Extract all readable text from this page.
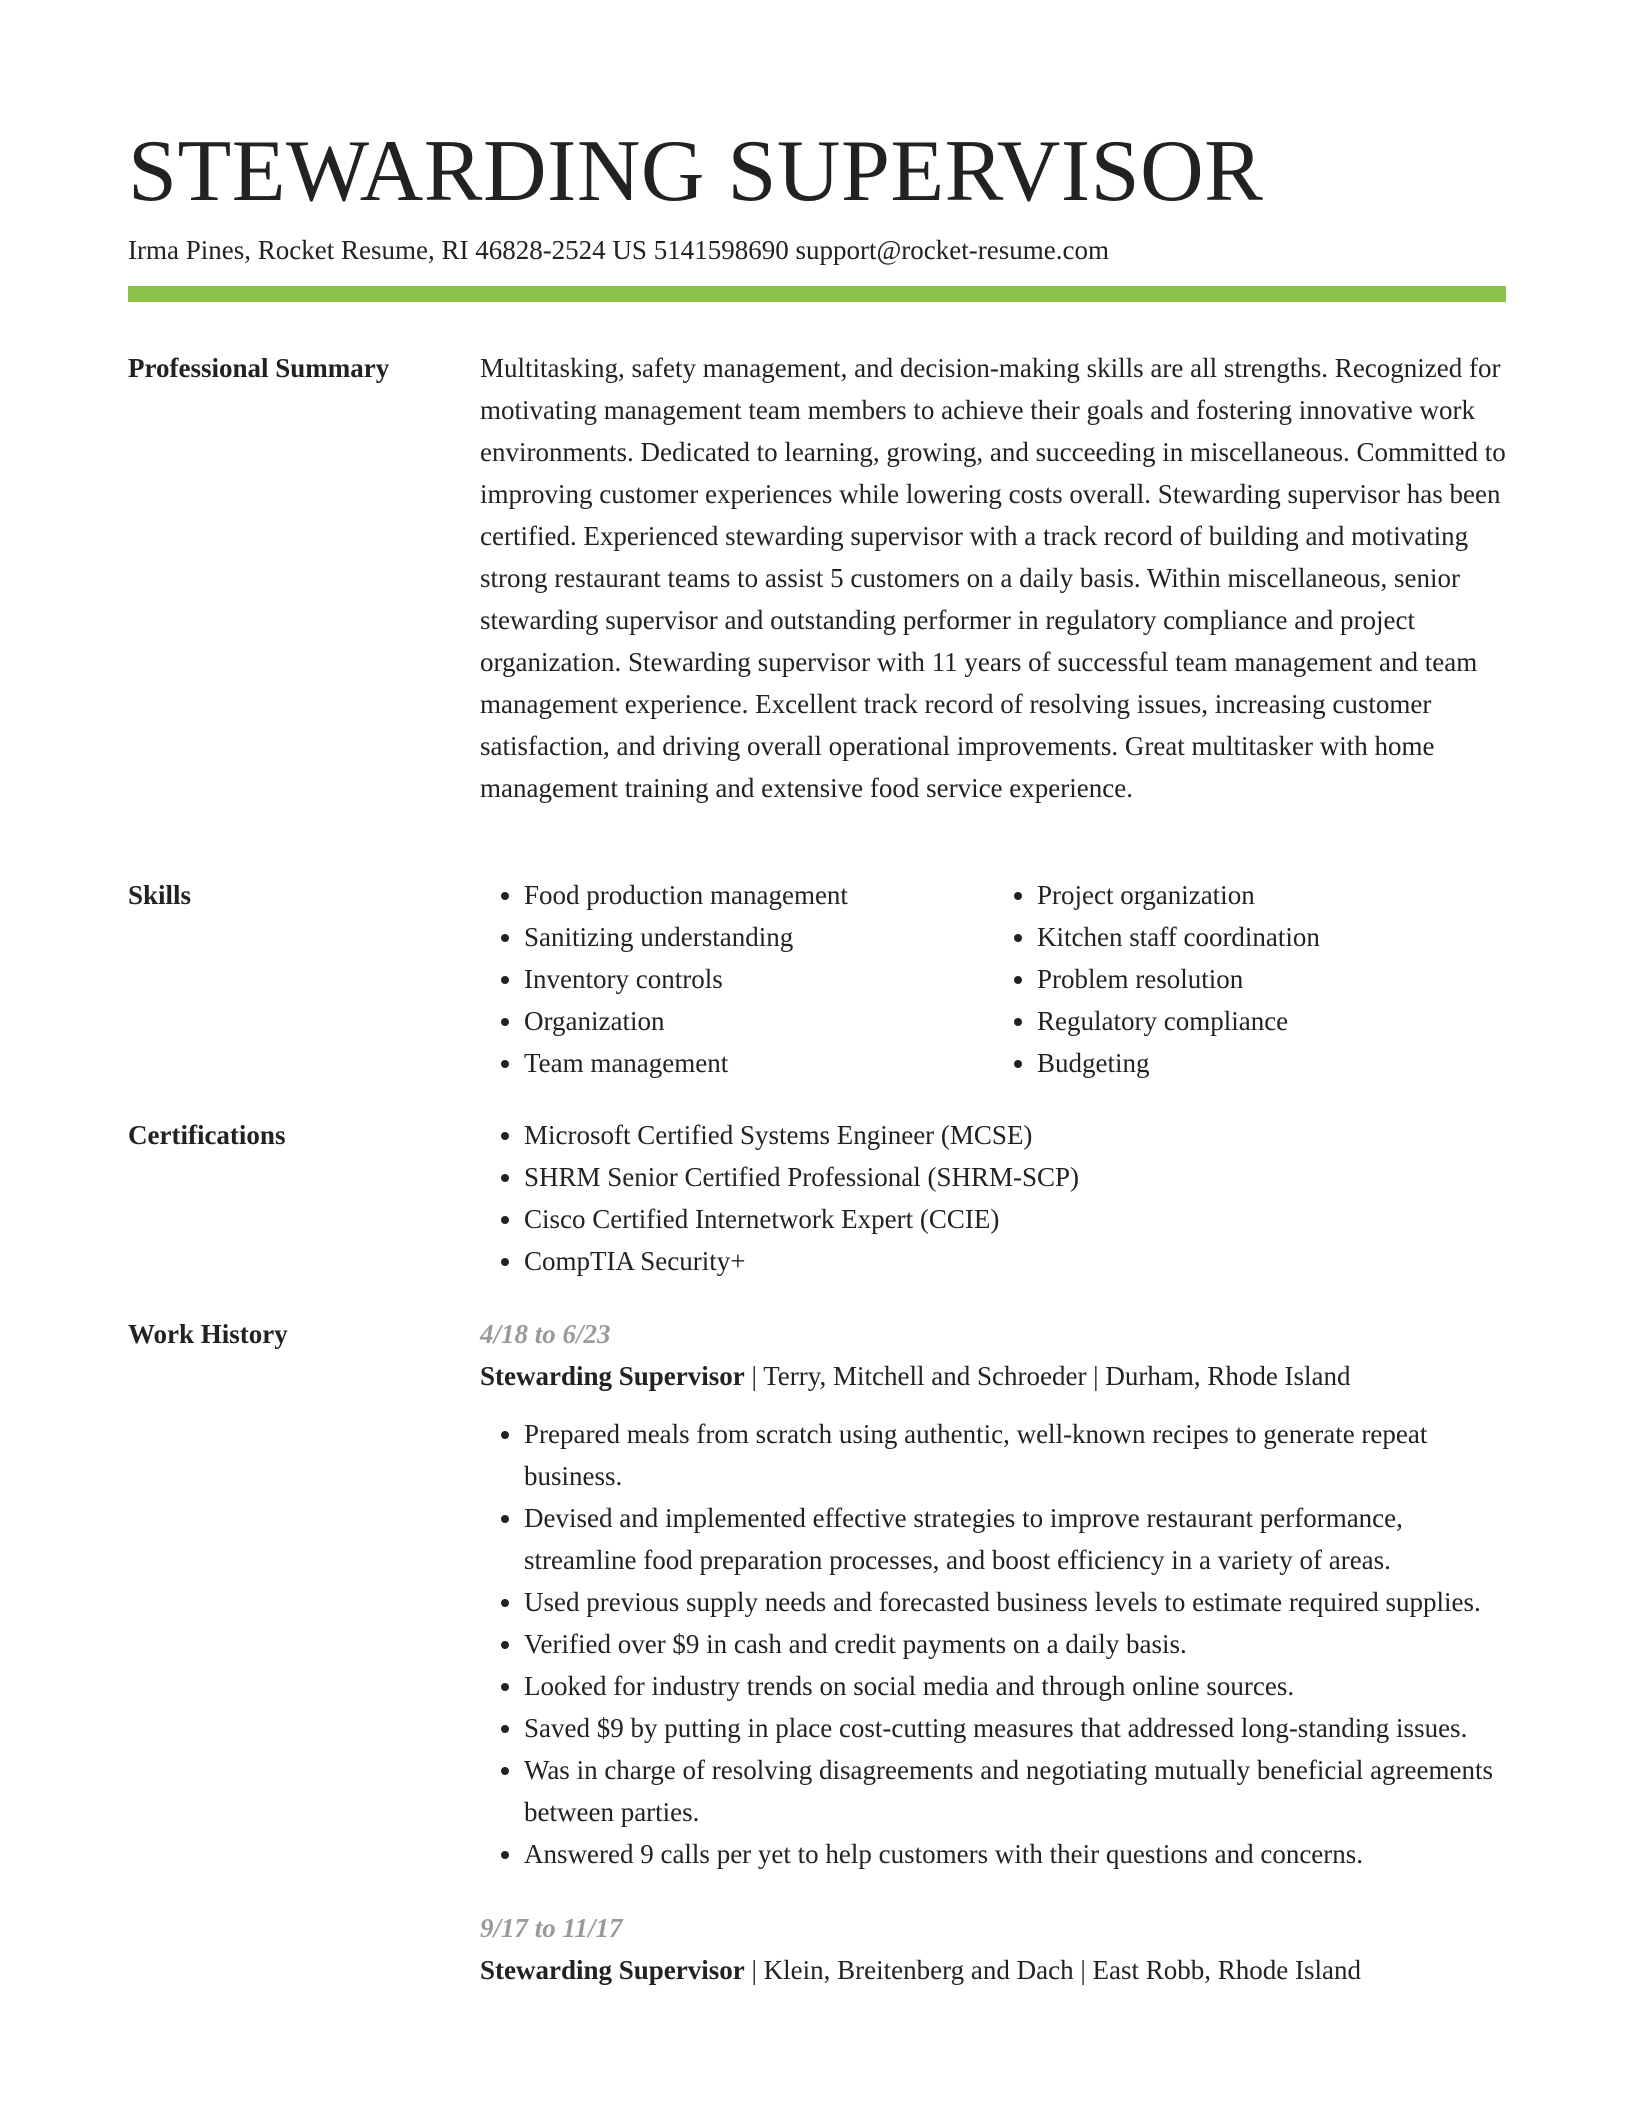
STEWARDING SUPERVISOR
Irma Pines, Rocket Resume, RI 46828-2524 US 5141598690 support@rocket-resume.com
Professional Summary	Multitasking, safety management, and decision-making skills are all strengths. Recognized for motivating management team members to achieve their goals and fostering innovative work environments. Dedicated to learning, growing, and succeeding in miscellaneous. Committed to improving customer experiences while lowering costs overall. Stewarding supervisor has been certified. Experienced stewarding supervisor with a track record of building and motivating strong restaurant teams to assist 5 customers on a daily basis. Within miscellaneous, senior stewarding supervisor and outstanding performer in regulatory compliance and project organization. Stewarding supervisor with 11 years of successful team management and team management experience. Excellent track record of resolving issues, increasing customer satisfaction, and driving overall operational improvements. Great multitasker with home management training and extensive food service experience.

Skills	• Food production management
• Sanitizing understanding
• Inventory controls
• Organization
• Team management
• Project organization
• Kitchen staff coordination
• Problem resolution
• Regulatory compliance
• Budgeting
Certifications	• Microsoft Certified Systems Engineer (MCSE)
• SHRM Senior Certified Professional (SHRM-SCP)
• Cisco Certified Internetwork Expert (CCIE)
• CompTIA Security+
Work History	4/18 to 6/23
Stewarding Supervisor | Terry, Mitchell and Schroeder | Durham, Rhode Island
• Prepared meals from scratch using authentic, well-known recipes to generate repeat business.
• Devised and implemented effective strategies to improve restaurant performance, streamline food preparation processes, and boost efficiency in a variety of areas.
• Used previous supply needs and forecasted business levels to estimate required supplies.
• Verified over $9 in cash and credit payments on a daily basis.
• Looked for industry trends on social media and through online sources.
• Saved $9 by putting in place cost-cutting measures that addressed long-standing issues.
• Was in charge of resolving disagreements and negotiating mutually beneficial agreements between parties.
• Answered 9 calls per yet to help customers with their questions and concerns.
9/17 to 11/17
Stewarding Supervisor | Klein, Breitenberg and Dach | East Robb, Rhode Island
